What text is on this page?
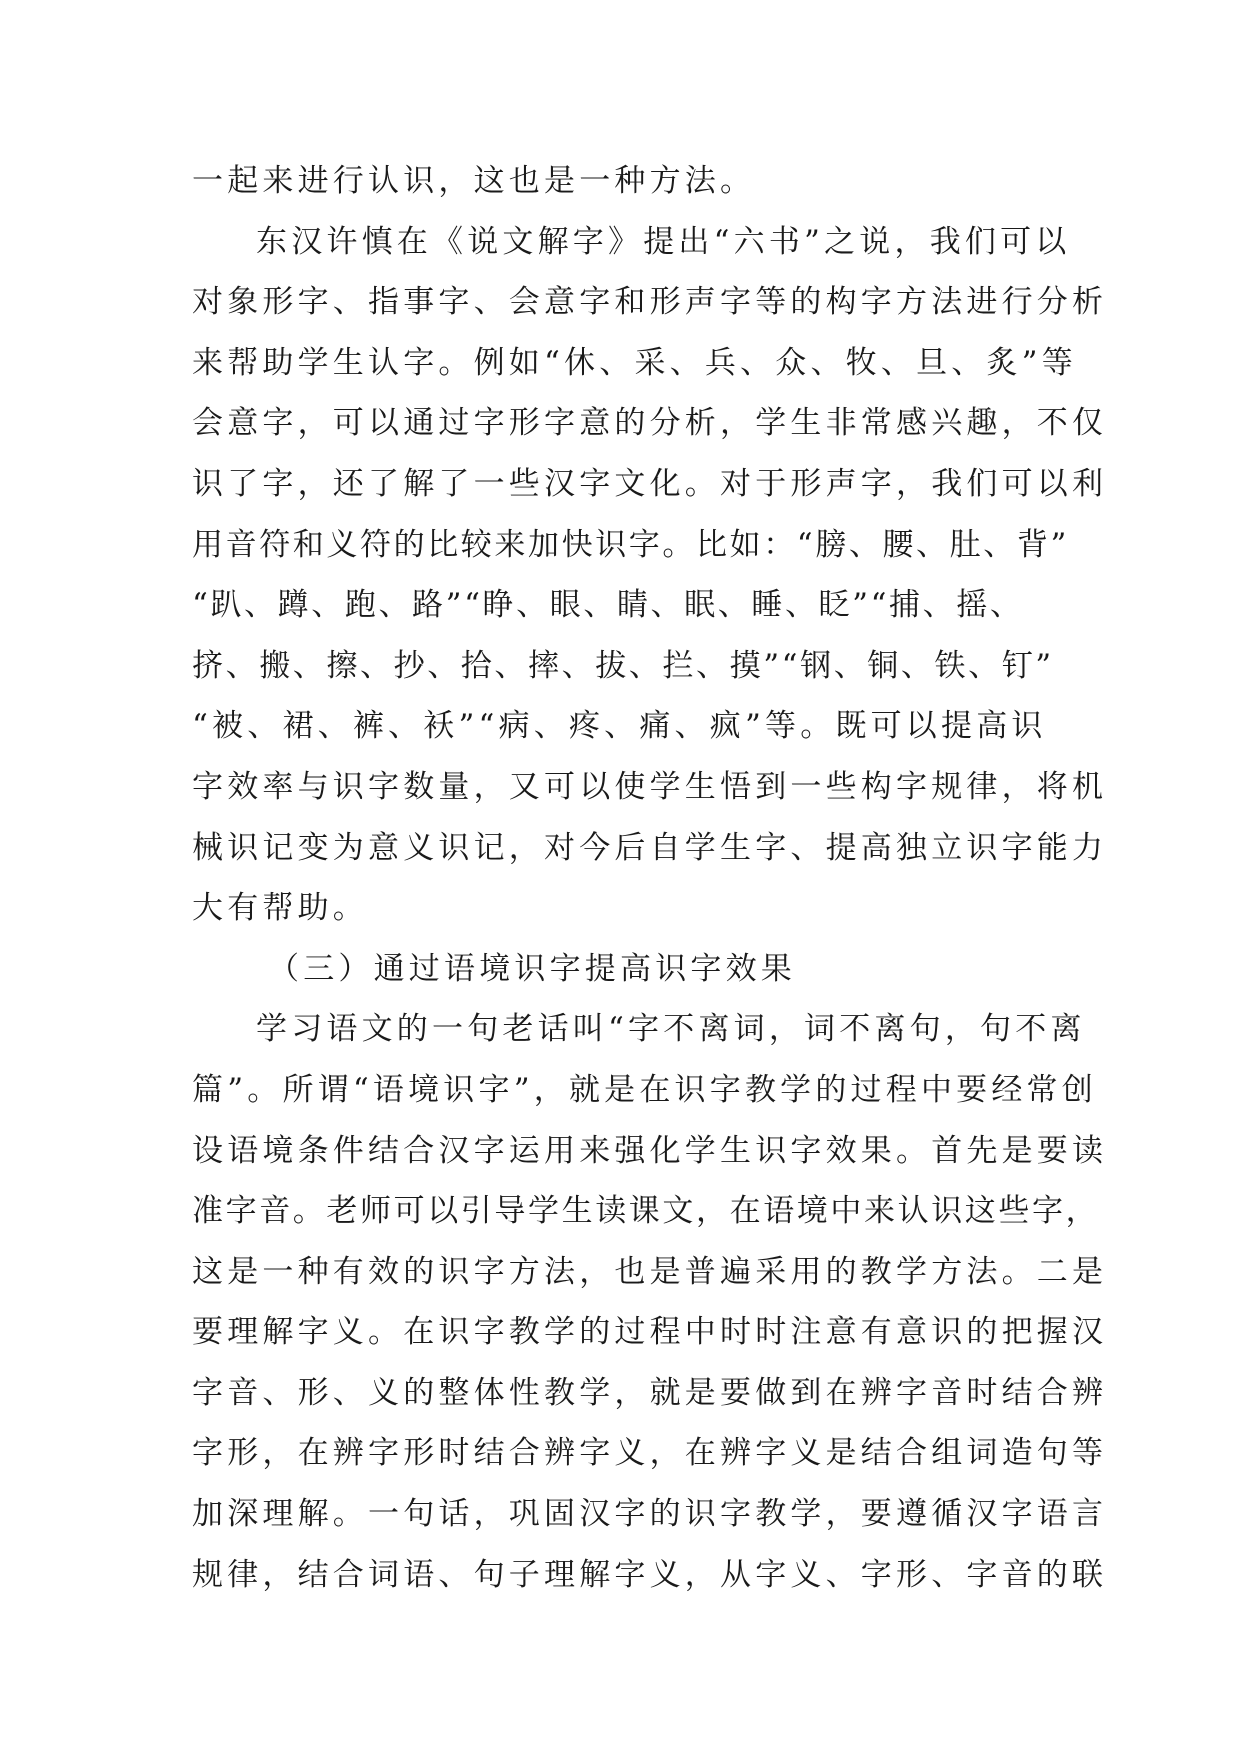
一起来进行认识，这也是一种方法。
东汉许慎在《说文解字》提出“六书”之说，我们可以
对象形字、指事字、会意字和形声字等的构字方法进行分析
来帮助学生认字。例如“休、采、兵、众、牧、旦、炙”等
会意字，可以通过字形字意的分析，学生非常感兴趣，不仅
识了字，还了解了一些汉字文化。对于形声字，我们可以利
用音符和义符的比较来加快识字。比如：“膀、腰、肚、背”
“趴、蹲、跑、路”“睁、眼、睛、眠、睡、眨”“捕、摇、
挤、搬、擦、抄、拾、摔、拔、拦、摸”“钢、铜、铁、钉”
“被、裙、裤、袄”“病、疼、痛、疯”等。既可以提高识
字效率与识字数量，又可以使学生悟到一些构字规律，将机
械识记变为意义识记，对今后自学生字、提高独立识字能力
大有帮助。
（三）通过语境识字提高识字效果
学习语文的一句老话叫“字不离词，词不离句，句不离
篇”。所谓“语境识字”，就是在识字教学的过程中要经常创
设语境条件结合汉字运用来强化学生识字效果。首先是要读
准字音。老师可以引导学生读课文，在语境中来认识这些字，
这是一种有效的识字方法，也是普遍采用的教学方法。二是
要理解字义。在识字教学的过程中时时注意有意识的把握汉
字音、形、义的整体性教学，就是要做到在辨字音时结合辨
字形，在辨字形时结合辨字义，在辨字义是结合组词造句等
加深理解。一句话，巩固汉字的识字教学，要遵循汉字语言
规律，结合词语、句子理解字义，从字义、字形、字音的联
